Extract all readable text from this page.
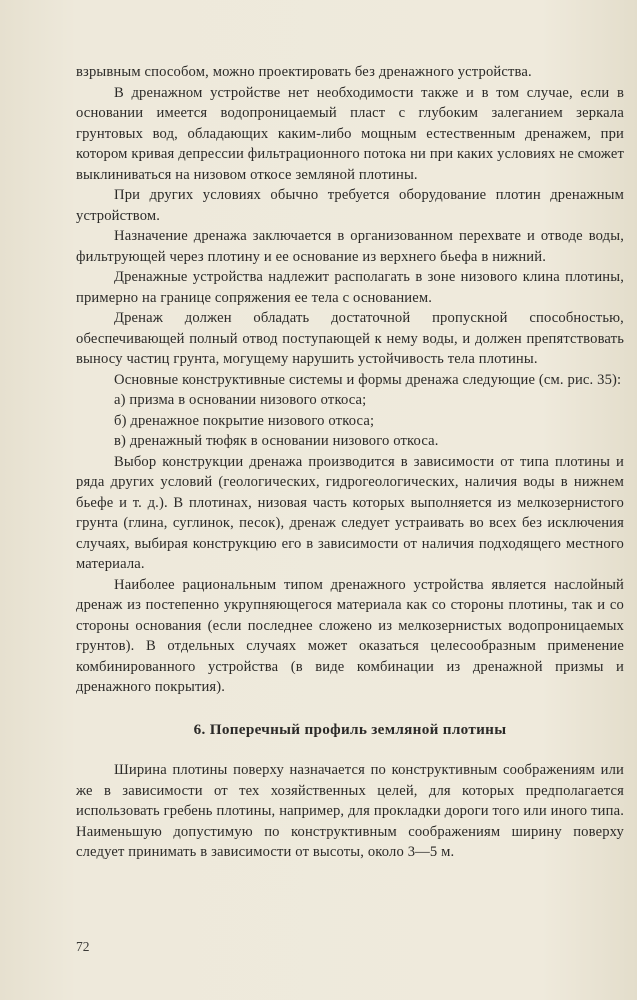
взрывным способом, можно проектировать без дренажного устройства.

В дренажном устройстве нет необходимости также и в том случае, если в основании имеется водопроницаемый пласт с глубоким залеганием зеркала грунтовых вод, обладающих каким-либо мощным естественным дренажем, при котором кривая депрессии фильтрационного потока ни при каких условиях не сможет выклиниваться на низовом откосе земляной плотины.

При других условиях обычно требуется оборудование плотин дренажным устройством.

Назначение дренажа заключается в организованном перехвате и отводе воды, фильтрующей через плотину и ее основание из верхнего бьефа в нижний.

Дренажные устройства надлежит располагать в зоне низового клина плотины, примерно на границе сопряжения ее тела с основанием.

Дренаж должен обладать достаточной пропускной способностью, обеспечивающей полный отвод поступающей к нему воды, и должен препятствовать выносу частиц грунта, могущему нарушить устойчивость тела плотины.

Основные конструктивные системы и формы дренажа следующие (см. рис. 35):

а) призма в основании низового откоса;
б) дренажное покрытие низового откоса;
в) дренажный тюфяк в основании низового откоса.

Выбор конструкции дренажа производится в зависимости от типа плотины и ряда других условий (геологических, гидрогеологических, наличия воды в нижнем бьефе и т. д.). В плотинах, низовая часть которых выполняется из мелкозернистого грунта (глина, суглинок, песок), дренаж следует устраивать во всех без исключения случаях, выбирая конструкцию его в зависимости от наличия подходящего местного материала.

Наиболее рациональным типом дренажного устройства является наслойный дренаж из постепенно укрупняющегося материала как со стороны плотины, так и со стороны основания (если последнее сложено из мелкозернистых водопроницаемых грунтов). В отдельных случаях может оказаться целесообразным применение комбинированного устройства (в виде комбинации из дренажной призмы и дренажного покрытия).

6. Поперечный профиль земляной плотины

Ширина плотины поверху назначается по конструктивным соображениям или же в зависимости от тех хозяйственных целей, для которых предполагается использовать гребень плотины, например, для прокладки дороги того или иного типа. Наименьшую допустимую по конструктивным соображениям ширину поверху следует принимать в зависимости от высоты, около 3—5 м.

72
